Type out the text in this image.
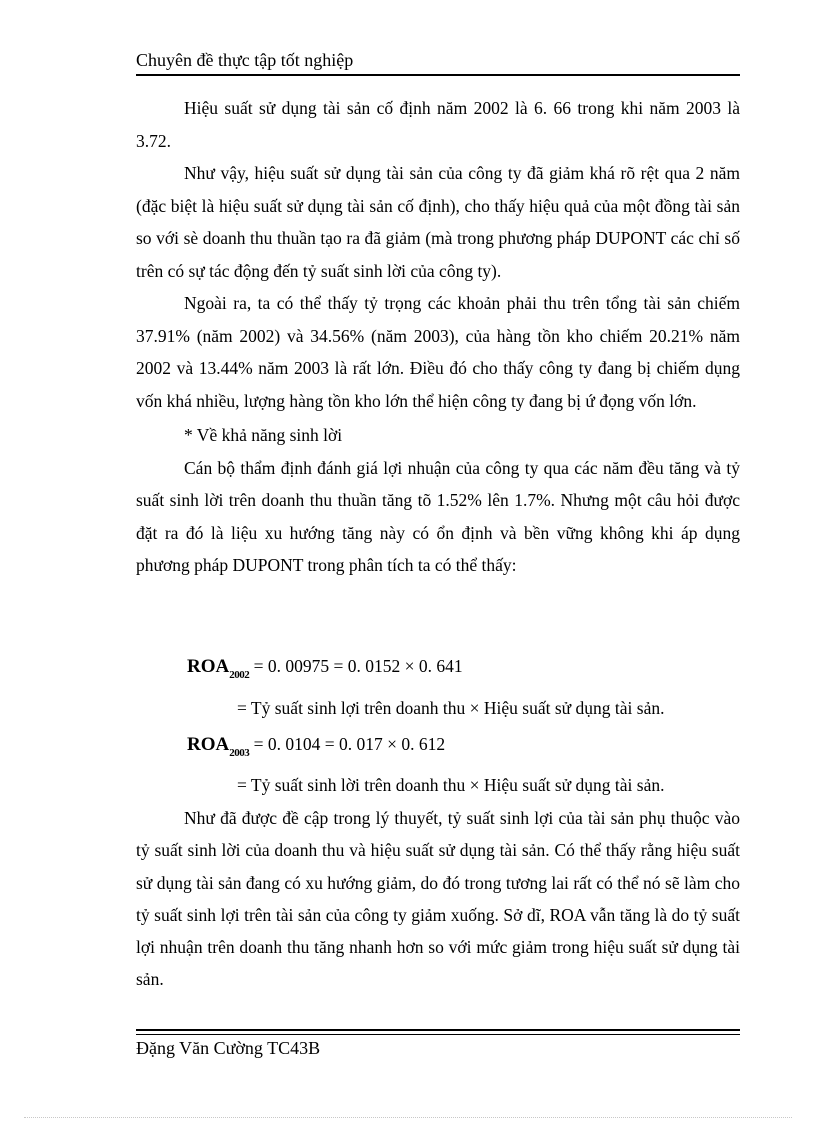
Chuyên đề thực tập tốt nghiệp

Hiệu suất sử dụng tài sản cố định năm 2002 là 6. 66 trong khi năm 2003 là 3.72.

Như vậy, hiệu suất sử dụng tài sản của công ty đã giảm khá rõ rệt qua 2 năm (đặc biệt là hiệu suất sử dụng tài sản cố định), cho thấy hiệu quả của một đồng tài sản so với sè doanh thu thuần tạo ra đã giảm (mà trong phương pháp DUPONT các chỉ số trên có sự tác động đến tỷ suất sinh lời của công ty).

Ngoài ra, ta có thể thấy tỷ trọng các khoản phải thu trên tổng tài sản chiếm 37.91% (năm 2002) và 34.56% (năm 2003), của hàng tồn kho chiếm 20.21% năm 2002 và 13.44% năm 2003 là rất lớn. Điều đó cho thấy công ty đang bị chiếm dụng vốn khá nhiều, lượng hàng tồn kho lớn thể hiện công ty đang bị ứ đọng vốn lớn.

* Về khả năng sinh lời

Cán bộ thẩm định đánh giá lợi nhuận của công ty qua các năm đều tăng và tỷ suất sinh lời trên doanh thu thuần tăng tõ 1.52% lên 1.7%. Nhưng một câu hỏi được đặt ra đó là liệu xu hướng tăng này có ổn định và bền vững không khi áp dụng phương pháp DUPONT trong phân tích ta có thể thấy:

$ROA_{2002} = 0$. 00975 = 0. 0152 × 0. 641
= Tỷ suất sinh lợi trên doanh thu × Hiệu suất sử dụng tài sản.
$ROA_{2003} = 0$. 0104 = 0. 017 × 0. 612
= Tỷ suất sinh lời trên doanh thu × Hiệu suất sử dụng tài sản.

Như đã được đề cập trong lý thuyết, tỷ suất sinh lợi của tài sản phụ thuộc vào tỷ suất sinh lời của doanh thu và hiệu suất sử dụng tài sản. Có thể thấy rằng hiệu suất sử dụng tài sản đang có xu hướng giảm, do đó trong tương lai rất có thể nó sẽ làm cho tỷ suất sinh lợi trên tài sản của công ty giảm xuống. Sở dĩ, ROA vẫn tăng là do tỷ suất lợi nhuận trên doanh thu tăng nhanh hơn so với mức giảm trong hiệu suất sử dụng tài sản.

Đặng Văn Cường TC43B
